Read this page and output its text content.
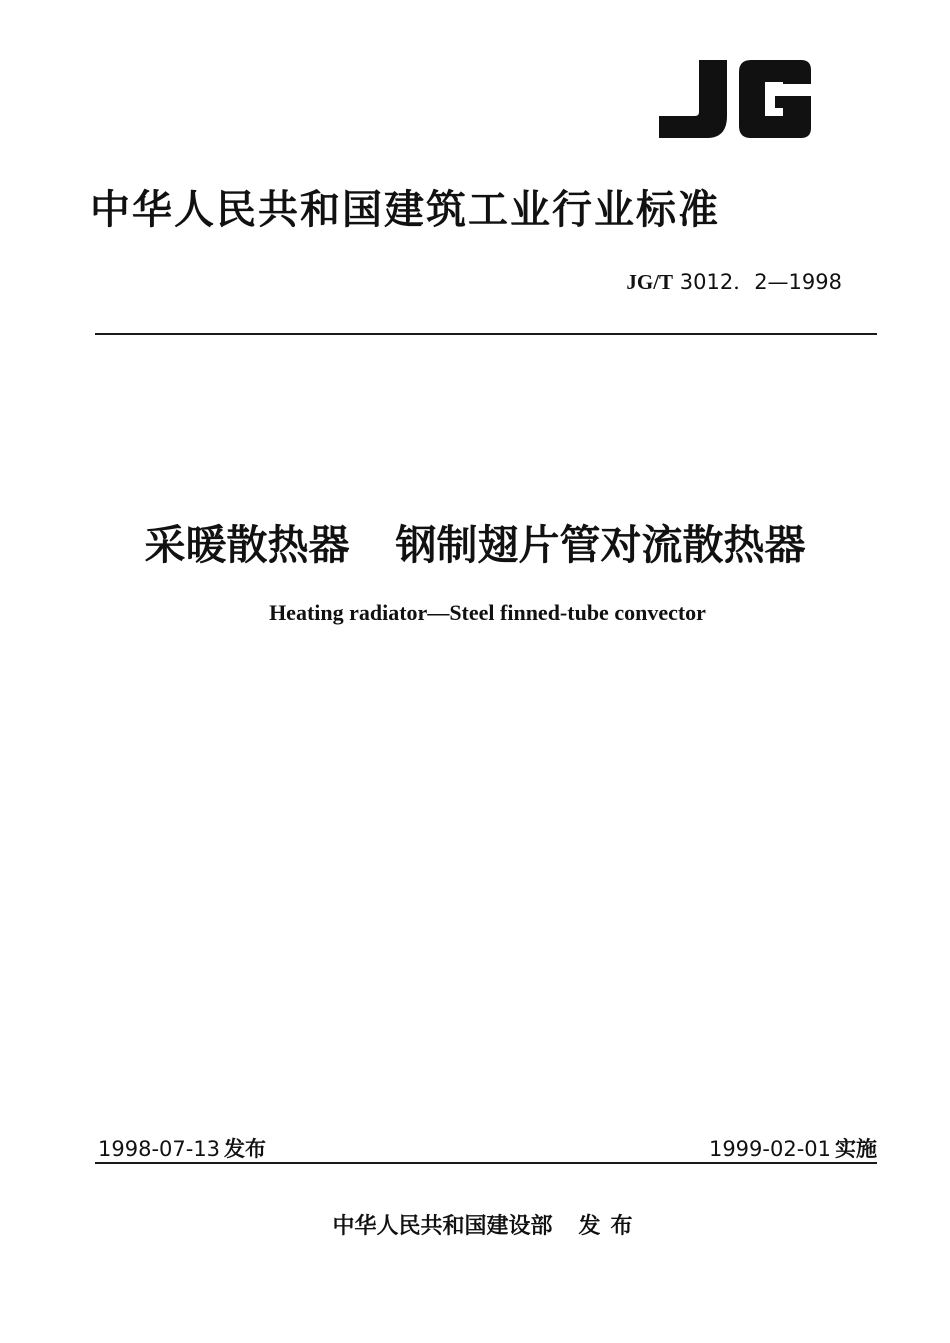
中华人民共和国建筑工业行业标准
JG/T 3012．2—1998
采暖散热器 钢制翅片管对流散热器
Heating radiator—Steel finned-tube convector
1998-07-13 发布	1999-02-01 实施
中华人民共和国建设部 发布
